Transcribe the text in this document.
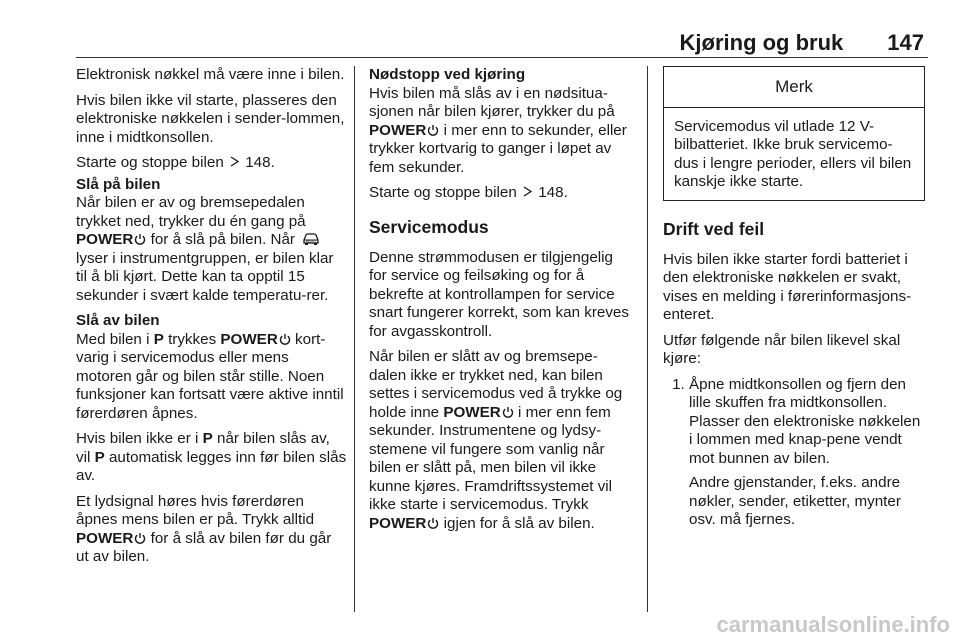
Kjøring og bruk 147

Elektronisk nøkkel må være inne i bilen.

Hvis bilen ikke vil starte, plasseres den elektroniske nøkkelen i sender-lommen, inne i midtkonsollen.

Starte og stoppe bilen 148.

Slå på bilen
Når bilen er av og bremsepedalen trykket ned, trykker du én gang på POWER for å slå på bilen. Når	READY
lyser i instrumentgruppen, er bilen klar til å bli kjørt. Dette kan ta opptil 15 sekunder i svært kalde temperatu-rer.

Slå av bilen
Med bilen i P trykkes POWER kort-varig i servicemodus eller mens motoren går og bilen står stille. Noen funksjoner kan fortsatt være aktive inntil førerdøren åpnes.

Hvis bilen ikke er i P når bilen slås av, vil P automatisk legges inn før bilen slås av.

Et lydsignal høres hvis førerdøren åpnes mens bilen er på. Trykk alltid POWER for å slå av bilen før du går ut av bilen.

Nødstopp ved kjøring
Hvis bilen må slås av i en nødsitua-sjonen når bilen kjører, trykker du på POWER i mer enn to sekunder, eller trykker kortvarig to ganger i løpet av fem sekunder.

Starte og stoppe bilen 148.

Servicemodus

Denne strømmodusen er tilgjengelig for service og feilsøking og for å bekrefte at kontrollampen for service snart fungerer korrekt, som kan kreves for avgasskontroll.

Når bilen er slått av og bremsepe-dalen ikke er trykket ned, kan bilen settes i servicemodus ved å trykke og holde inne POWER i mer enn fem sekunder. Instrumentene og lydsy-stemene vil fungere som vanlig når bilen er slått på, men bilen vil ikke kunne kjøres. Framdriftssystemet vil ikke starte i servicemodus. Trykk POWER igjen for å slå av bilen.

Merk
Servicemodus vil utlade 12 V-bilbatteriet. Ikke bruk servicemo-dus i lengre perioder, ellers vil bilen kanskje ikke starte.
Drift ved feil

Hvis bilen ikke starter fordi batteriet i den elektroniske nøkkelen er svakt, vises en melding i førerinformasjons-enteret.

Utfør følgende når bilen likevel skal kjøre:

1. Åpne midtkonsollen og fjern den lille skuffen fra midtkonsollen. Plasser den elektroniske nøkkelen i lommen med knap-pene vendt mot bunnen av bilen.

Andre gjenstander, f.eks. andre nøkler, sender, etiketter, mynter osv. må fjernes.

carmanualsonline.info
